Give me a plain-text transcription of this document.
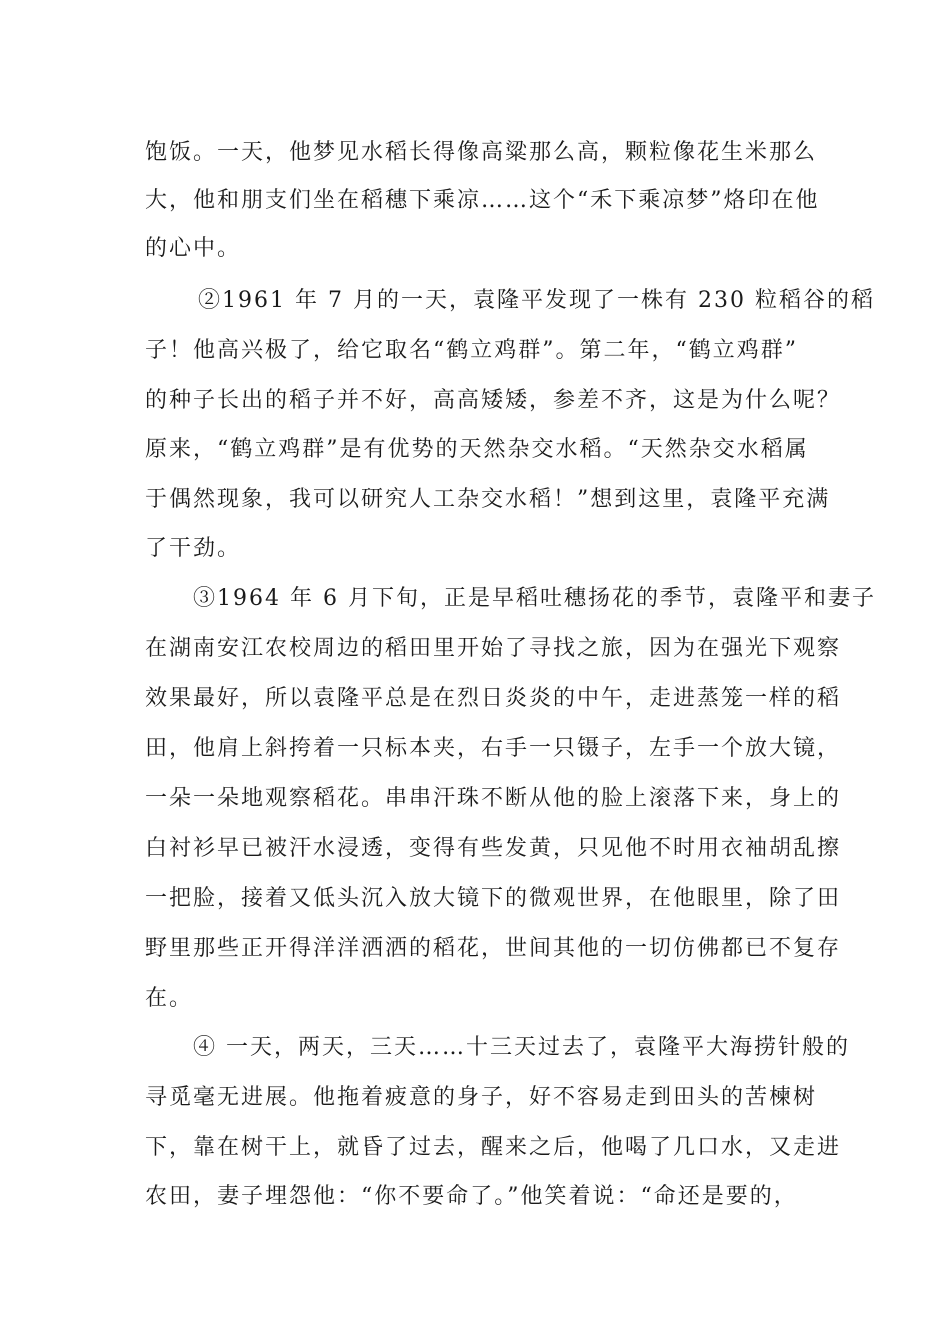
饱饭。一天，他梦见水稻长得像高粱那么高，颗粒像花生米那么
大，他和朋支们坐在稻穗下乘凉……这个“禾下乘凉梦”烙印在他
的心中。
②1961 年 7 月的一天，袁隆平发现了一株有 230 粒稻谷的稻
子！他高兴极了，给它取名“鹤立鸡群”。第二年，“鹤立鸡群”
的种子长出的稻子并不好，高高矮矮，参差不齐，这是为什么呢？
原来，“鹤立鸡群”是有优势的天然杂交水稻。“天然杂交水稻属
于偶然现象，我可以研究人工杂交水稻！”想到这里，袁隆平充满
了干劲。
③1964 年 6 月下旬，正是早稻吐穗扬花的季节，袁隆平和妻子
在湖南安江农校周边的稻田里开始了寻找之旅，因为在强光下观察
效果最好，所以袁隆平总是在烈日炎炎的中午，走进蒸笼一样的稻
田，他肩上斜挎着一只标本夹，右手一只镊子，左手一个放大镜，
一朵一朵地观察稻花。串串汗珠不断从他的脸上滚落下来，身上的
白衬衫早已被汗水浸透，变得有些发黄，只见他不时用衣袖胡乱擦
一把脸，接着又低头沉入放大镜下的微观世界，在他眼里，除了田
野里那些正开得洋洋洒洒的稻花，世间其他的一切仿佛都已不复存
在。
④ 一天，两天，三天……十三天过去了，袁隆平大海捞针般的
寻觅毫无进展。他拖着疲意的身子，好不容易走到田头的苦楝树
下，靠在树干上，就昏了过去，醒来之后，他喝了几口水，又走进
农田，妻子埋怨他：“你不要命了。”他笑着说：“命还是要的，
